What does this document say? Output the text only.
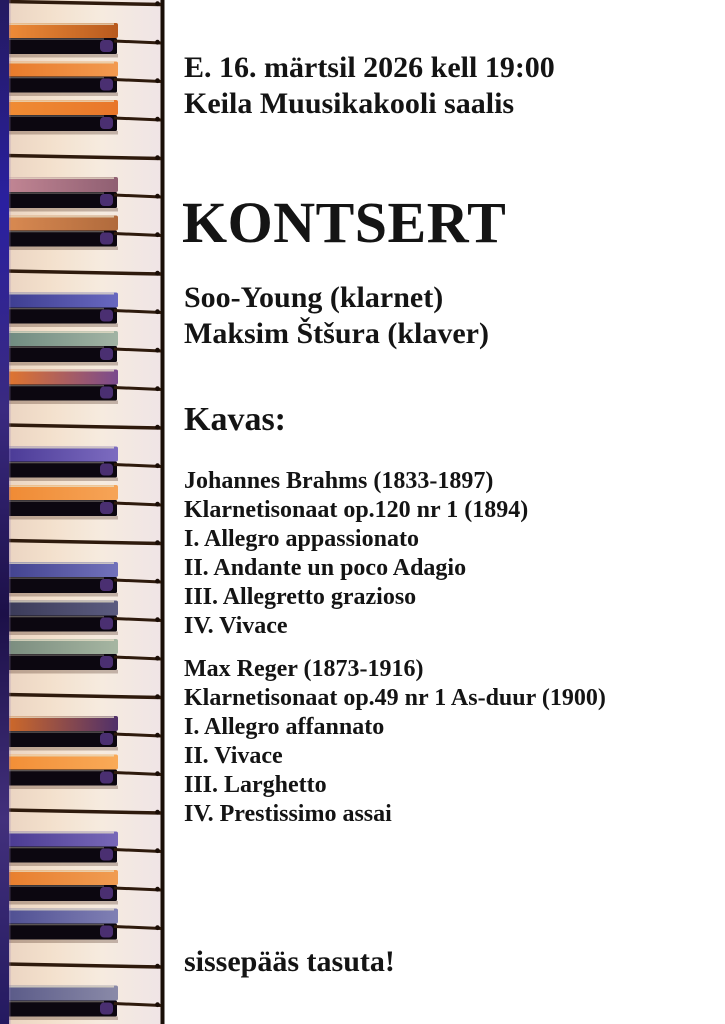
E. 16. märtsil 2026 kell 19:00
Keila Muusikakooli saalis
KONTSERT
Soo-Young (klarnet)
Maksim Štšura (klaver)
Kavas:
Johannes Brahms (1833-1897)
Klarnetisonaat op.120 nr 1 (1894)
I. Allegro appassionato
II. Andante un poco Adagio
III. Allegretto grazioso
IV. Vivace
Max Reger (1873-1916)
Klarnetisonaat op.49 nr 1 As-duur (1900)
I. Allegro affannato
II. Vivace
III. Larghetto
IV. Prestissimo assai
sissepääs tasuta!
